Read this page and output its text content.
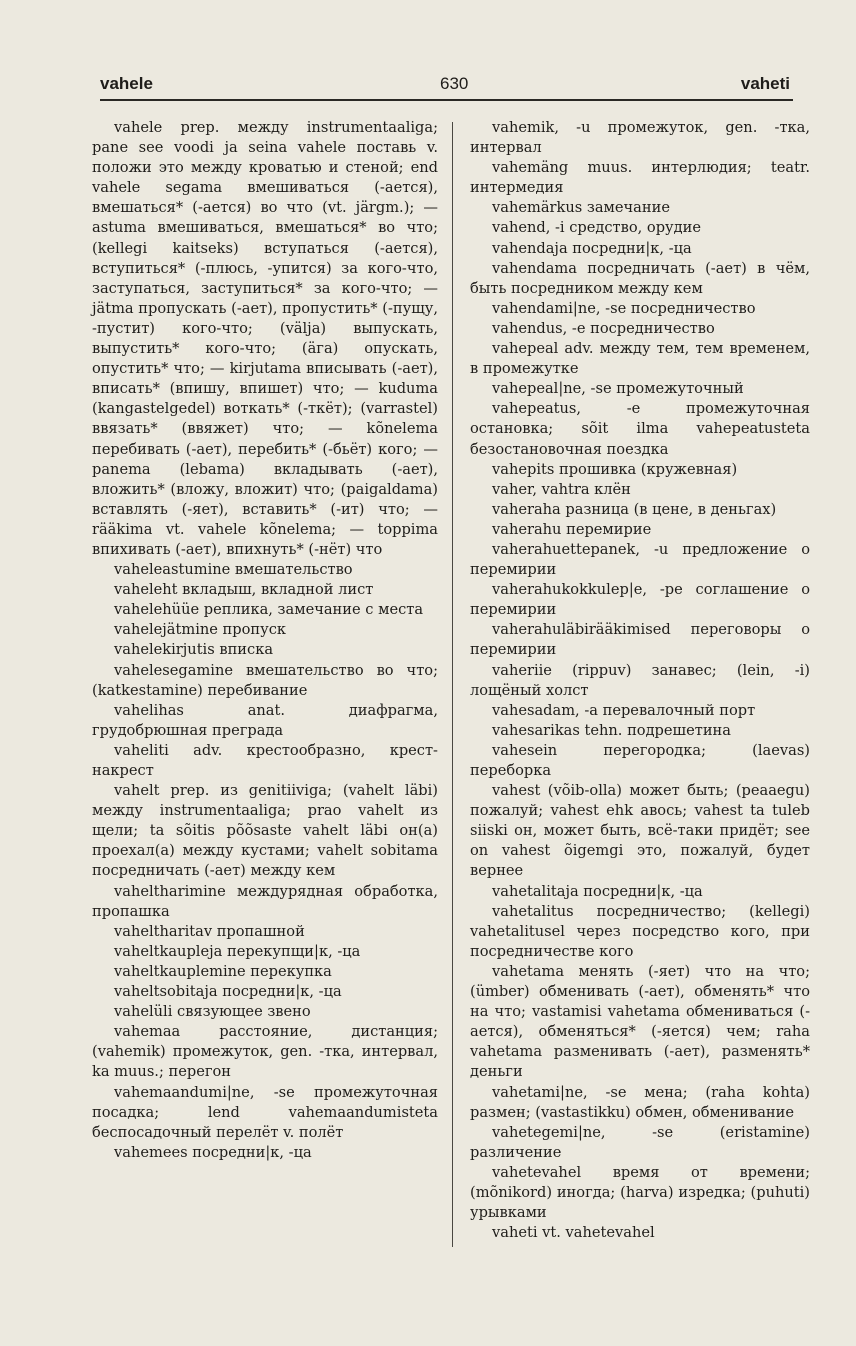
vahele	630	vaheti

vahele prep. между instrumentaaliga; pane see voodi ja seina vahele поставь v. положи это между кроватью и стеной; end vahele segama вмешиваться (-ается), вмешаться* (-ается) во что (vt. järgm.); — astuma вмешиваться, вмешаться* во что; (kellegi kaitseks) вступаться (-ается), вступиться* (-плюсь, -упится) за кого-что, заступаться, заступиться* за кого-что; — jätma пропускать (-ает), пропустить* (-пущу, -пустит) кого-что; (välja) выпускать, выпустить* кого-что; (äга) опускать, опустить* что; — kirjutama вписывать (-ает), вписать* (впишу, впишет) что; — kudumа (kangastelgedel) воткать* (-ткёт); (varrastel) ввязать* (ввяжет) что; — kõnelema перебивать (-ает), перебить* (-бьёт) кого; — panema (lebama) вкладывать (-ает), вложить* (вложу, вложит) что; (paigaldama) вставлять (-яет), вставить* (-ит) что; — rääkima vt. vahele kõnelema; — toppima впихивать (-ает), впихнуть* (-нёт) что

vaheleastumine вмешательство

vaheleht вкладыш, вкладной лист

vahelehüüe реплика, замечание с места

vahelejätmine пропуск

vahelekirjutis вписка

vahelesegamine вмешательство во что; (katkestamine) перебивание

vahelihas anat. диафрагма, грудобрюшная преграда

vaheliti adv. крестообразно, крест-накрест

vahelt prep. из genitiiviga; (vahelt läbi) между instrumentaaliga; prao vahelt из щели; ta sõitis põõsaste vahelt läbi он(а) проехал(а) между кустами; vahelt sobitama посредничать (-ает) между кем

vaheltharimine междурядная обработка, пропашка

vaheltharitav пропашной

vaheltkaupleja перекупщи|к, -ца

vaheltkauplemine перекупка

vaheltsobitaja посредни|к, -ца

vahelüli связующее звено

vahemaa расстояние, дистанция; (vahemik) промежуток, gen. -тка, интервал, ka muus.; перегон

vahemaandumi|ne, -se промежуточная посадка; lend vahemaandumisteta беспосадочный перелёт v. полёт

vahemees посредни|к, -ца

vahemik, -u промежуток, gen. -тка, интервал

vahemäng muus. интерлюдия; teatr. интермедия

vahemärkus замечание

vahend, -i средство, орудие

vahendaja посредни|к, -ца

vahendama посредничать (-ает) в чём, быть посредником между кем

vahendami|ne, -se посредничество

vahendus, -e посредничество

vahepeal adv. между тем, тем временем, в промежутке

vahepeal|ne, -se промежуточный

vahepeatus, -e промежуточная остановка; sõit ilma vahepeatusteta безостановочная поездка

vahepits прошивка (кружевная)

vaher, vahtra клён

vaheraha разница (в цене, в деньгах)

vaherahu перемирие

vaherahuettepanek, -u предложение о перемирии

vaherahukokkulep|e, -pe соглашение о перемирии

vaherahuläbirääkimised переговоры о перемирии

vaheriie (rippuv) занавес; (lein, -i) лощёный холст

vahesadam, -a перевалочный порт

vahesarikas tehn. подрешетина

vahesein перегородка; (laevas) переборка

vahest (võib-olla) может быть; (peaaegu) пожалуй; vahest ehk авось; vahest ta tuleb siiski он, может быть, всё-таки придёт; see on vahest õigemgi это, пожалуй, будет вернее

vahetalitaja посредни|к, -ца

vahetalitus посредничество; (kellegi) vahetalitusel через посредство кого, при посредничестве кого

vahetama менять (-яет) что на что; (ümber) обменивать (-ает), обменять* что на что; vastamisi vahetama обмениваться (-ается), обменяться* (-яется) чем; raha vahetama разменивать (-ает), разменять* деньги

vahetami|ne, -se мена; (raha kohta) размен; (vastastikku) обмен, обменивание

vahetegemi|ne, -se (eristamine) различение

vahetevahel время от времени; (mõnikord) иногда; (harva) изредка; (puhuti) урывками

vaheti vt. vahetevahel
